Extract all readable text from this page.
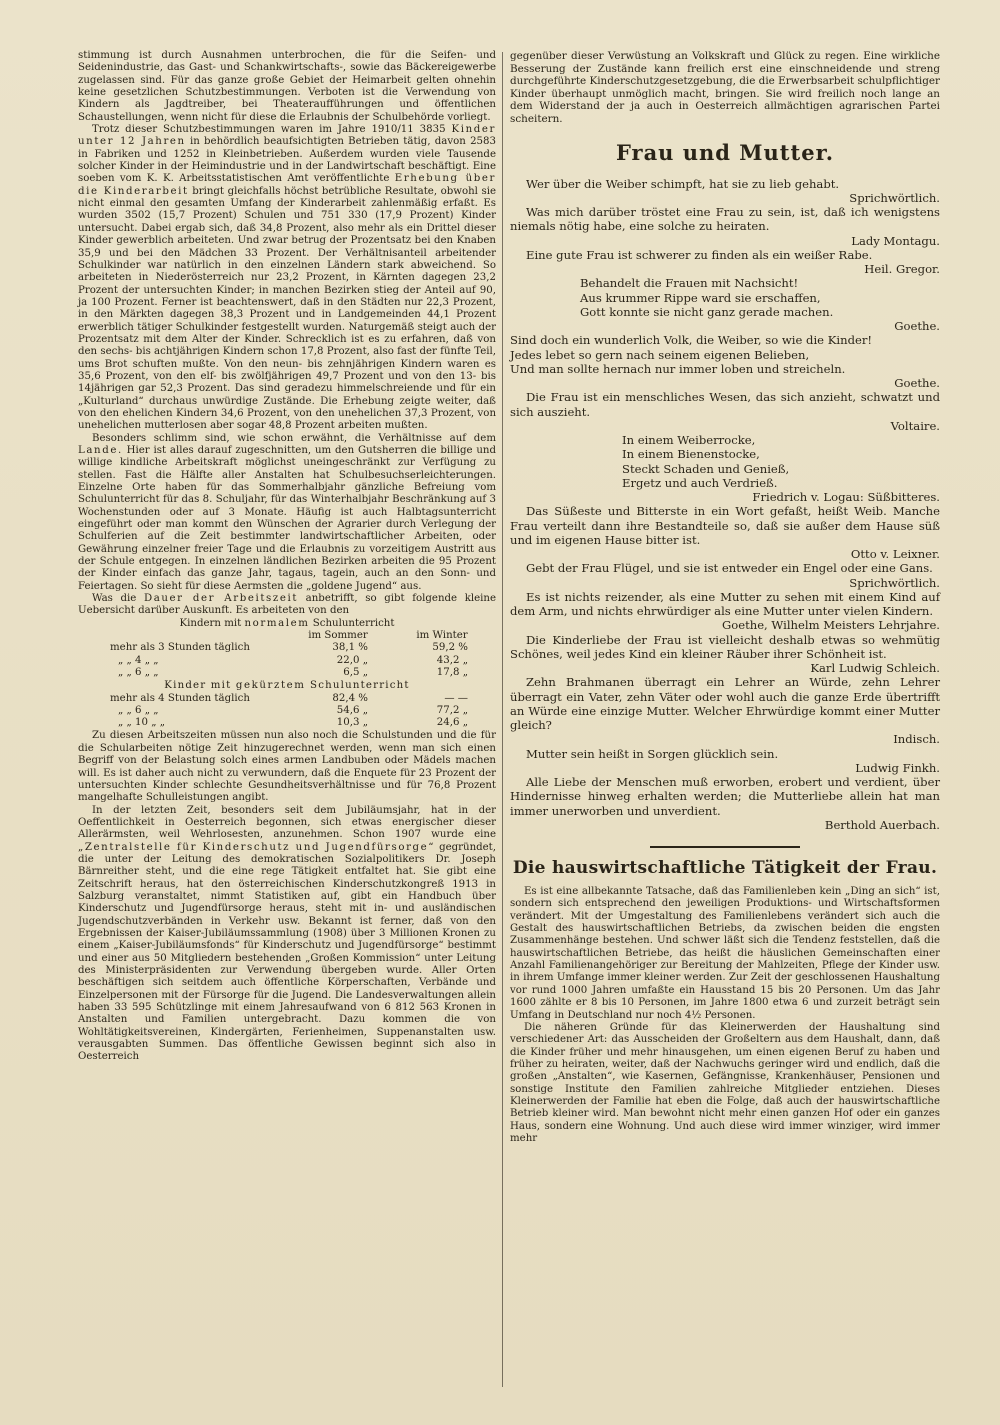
stimmung ist durch Ausnahmen unterbrochen, die für die Seifen- und Seidenindustrie, das Gast- und Schankwirtschafts-, sowie das Bäckereigewerbe zugelassen sind. Für das ganze große Gebiet der Heimarbeit gelten ohnehin keine gesetzlichen Schutzbestimmungen. Verboten ist die Verwendung von Kindern als Jagdtreiber, bei Theateraufführungen und öffentlichen Schaustellungen, wenn nicht für diese die Erlaubnis der Schulbehörde vorliegt.

Trotz dieser Schutzbestimmungen waren im Jahre 1910/11 3835 Kinder unter 12 Jahren in behördlich beaufsichtigten Betrieben tätig, davon 2583 in Fabriken und 1252 in Kleinbetrieben. Außerdem wurden viele Tausende solcher Kinder in der Heimindustrie und in der Landwirtschaft beschäftigt. Eine soeben vom K. K. Arbeitsstatistischen Amt veröffentlichte Erhebung über die Kinderarbeit bringt gleichfalls höchst betrübliche Resultate, obwohl sie nicht einmal den gesamten Umfang der Kinderarbeit zahlenmäßig erfaßt. Es wurden 3502 (15,7 Prozent) Schulen und 751 330 (17,9 Prozent) Kinder untersucht. Dabei ergab sich, daß 34,8 Prozent, also mehr als ein Drittel dieser Kinder gewerblich arbeiteten. Und zwar betrug der Prozentsatz bei den Knaben 35,9 und bei den Mädchen 33 Prozent. Der Verhältnisanteil arbeitender Schulkinder war natürlich in den einzelnen Ländern stark abweichend. So arbeiteten in Niederösterreich nur 23,2 Prozent, in Kärnten dagegen 23,2 Prozent der untersuchten Kinder; in manchen Bezirken stieg der Anteil auf 90, ja 100 Prozent. Ferner ist beachtenswert, daß in den Städten nur 22,3 Prozent, in den Märkten dagegen 38,3 Prozent und in Landgemeinden 44,1 Prozent erwerblich tätiger Schulkinder festgestellt wurden. Naturgemäß steigt auch der Prozentsatz mit dem Alter der Kinder. Schrecklich ist es zu erfahren, daß von den sechs- bis achtjährigen Kindern schon 17,8 Prozent, also fast der fünfte Teil, ums Brot schuften mußte. Von den neun- bis zehnjährigen Kindern waren es 35,6 Prozent, von den elf- bis zwölfjährigen 49,7 Prozent und von den 13- bis 14jährigen gar 52,3 Prozent. Das sind geradezu himmelschreiende und für ein „Kulturland“ durchaus unwürdige Zustände. Die Erhebung zeigte weiter, daß von den ehelichen Kindern 34,6 Prozent, von den unehelichen 37,3 Prozent, von unehelichen mutterlosen aber sogar 48,8 Prozent arbeiten mußten.

Besonders schlimm sind, wie schon erwähnt, die Verhältnisse auf dem Lande. Hier ist alles darauf zugeschnitten, um den Gutsherren die billige und willige kindliche Arbeitskraft möglichst uneingeschränkt zur Verfügung zu stellen. Fast die Hälfte aller Anstalten hat Schulbesuchserleichterungen. Einzelne Orte haben für das Sommerhalbjahr gänzliche Befreiung vom Schulunterricht für das 8. Schuljahr, für das Winterhalbjahr Beschränkung auf 3 Wochenstunden oder auf 3 Monate. Häufig ist auch Halbtagsunterricht eingeführt oder man kommt den Wünschen der Agrarier durch Verlegung der Schulferien auf die Zeit bestimmter landwirtschaftlicher Arbeiten, oder Gewährung einzelner freier Tage und die Erlaubnis zu vorzeitigem Austritt aus der Schule entgegen. In einzelnen ländlichen Bezirken arbeiten die 95 Prozent der Kinder einfach das ganze Jahr, tagaus, tagein, auch an den Sonn- und Feiertagen. So sieht für diese Aermsten die „goldene Jugend“ aus.

Was die Dauer der Arbeitszeit anbetrifft, so gibt folgende kleine Uebersicht darüber Auskunft. Es arbeiteten von den

Kindern mit normalem Schulunterricht
	im Sommer	im Winter
mehr als 3 Stunden täglich	38,1 %	59,2 %
„ „ 4 „ „	22,0 „	43,2 „
„ „ 6 „ „	6,5 „	17,8 „
Kinder mit gekürztem Schulunterricht
mehr als 4 Stunden täglich	82,4 %	— —
„ „ 6 „ „	54,6 „	77,2 „
„ „ 10 „ „	10,3 „	24,6 „

Zu diesen Arbeitszeiten müssen nun also noch die Schulstunden und die für die Schularbeiten nötige Zeit hinzugerechnet werden, wenn man sich einen Begriff von der Belastung solch eines armen Landbuben oder Mädels machen will. Es ist daher auch nicht zu verwundern, daß die Enquete für 23 Prozent der untersuchten Kinder schlechte Gesundheitsverhältnisse und für 76,8 Prozent mangelhafte Schulleistungen angibt.

In der letzten Zeit, besonders seit dem Jubiläumsjahr, hat in der Oeffentlichkeit in Oesterreich begonnen, sich etwas energischer dieser Allerärmsten, weil Wehrlosesten, anzunehmen. Schon 1907 wurde eine „Zentralstelle für Kinderschutz und Jugendfürsorge“ gegründet, die unter der Leitung des demokratischen Sozialpolitikers Dr. Joseph Bärnreither steht, und die eine rege Tätigkeit entfaltet hat. Sie gibt eine Zeitschrift heraus, hat den österreichischen Kinderschutzkongreß 1913 in Salzburg veranstaltet, nimmt Statistiken auf, gibt ein Handbuch über Kinderschutz und Jugendfürsorge heraus, steht mit in- und ausländischen Jugendschutzverbänden in Verkehr usw. Bekannt ist ferner, daß von den Ergebnissen der Kaiser-Jubiläumssammlung (1908) über 3 Millionen Kronen zu einem „Kaiser-Jubiläumsfonds“ für Kinderschutz und Jugendfürsorge“ bestimmt und einer aus 50 Mitgliedern bestehenden „Großen Kommission“ unter Leitung des Ministerpräsidenten zur Verwendung übergeben wurde. Aller Orten beschäftigen sich seitdem auch öffentliche Körperschaften, Verbände und Einzelpersonen mit der Fürsorge für die Jugend. Die Landesverwaltungen allein haben 33 595 Schützlinge mit einem Jahresaufwand von 6 812 563 Kronen in Anstalten und Familien untergebracht. Dazu kommen die von Wohltätigkeitsvereinen, Kindergärten, Ferienheimen, Suppenanstalten usw. verausgabten Summen. Das öffentliche Gewissen beginnt sich also in Oesterreich

gegenüber dieser Verwüstung an Volkskraft und Glück zu regen. Eine wirkliche Besserung der Zustände kann freilich erst eine einschneidende und streng durchgeführte Kinderschutzgesetzgebung, die die Erwerbsarbeit schulpflichtiger Kinder überhaupt unmöglich macht, bringen. Sie wird freilich noch lange an dem Widerstand der ja auch in Oesterreich allmächtigen agrarischen Partei scheitern.

Frau und Mutter.

Wer über die Weiber schimpft, hat sie zu lieb gehabt.

Sprichwörtlich.

Was mich darüber tröstet eine Frau zu sein, ist, daß ich wenigstens niemals nötig habe, eine solche zu heiraten.

Lady Montagu.

Eine gute Frau ist schwerer zu finden als ein weißer Rabe.

Heil. Gregor.
Behandelt die Frauen mit Nachsicht!
Aus krummer Rippe ward sie erschaffen,
Gott konnte sie nicht ganz gerade machen.
Goethe.
Sind doch ein wunderlich Volk, die Weiber, so wie die Kinder!
Jedes lebet so gern nach seinem eigenen Belieben,
Und man sollte hernach nur immer loben und streicheln.
Goethe.

Die Frau ist ein menschliches Wesen, das sich anzieht, schwatzt und sich auszieht.

Voltaire.
In einem Weiberrocke,
In einem Bienenstocke,
Steckt Schaden und Genieß,
Ergetz und auch Verdrieß.
Friedrich v. Logau: Süßbitteres.

Das Süßeste und Bitterste in ein Wort gefaßt, heißt Weib. Manche Frau verteilt dann ihre Bestandteile so, daß sie außer dem Hause süß und im eigenen Hause bitter ist.

Otto v. Leixner.

Gebt der Frau Flügel, und sie ist entweder ein Engel oder eine Gans.

Sprichwörtlich.

Es ist nichts reizender, als eine Mutter zu sehen mit einem Kind auf dem Arm, und nichts ehrwürdiger als eine Mutter unter vielen Kindern.

Goethe, Wilhelm Meisters Lehrjahre.

Die Kinderliebe der Frau ist vielleicht deshalb etwas so wehmütig Schönes, weil jedes Kind ein kleiner Räuber ihrer Schönheit ist.

Karl Ludwig Schleich.

Zehn Brahmanen überragt ein Lehrer an Würde, zehn Lehrer überragt ein Vater, zehn Väter oder wohl auch die ganze Erde übertrifft an Würde eine einzige Mutter. Welcher Ehrwürdige kommt einer Mutter gleich?

Indisch.

Mutter sein heißt in Sorgen glücklich sein.

Ludwig Finkh.

Alle Liebe der Menschen muß erworben, erobert und verdient, über Hindernisse hinweg erhalten werden; die Mutterliebe allein hat man immer unerworben und unverdient.

Berthold Auerbach.
Die hauswirtschaftliche Tätigkeit der Frau.

Es ist eine allbekannte Tatsache, daß das Familienleben kein „Ding an sich“ ist, sondern sich entsprechend den jeweiligen Produktions- und Wirtschaftsformen verändert. Mit der Umgestaltung des Familienlebens verändert sich auch die Gestalt des hauswirtschaftlichen Betriebs, da zwischen beiden die engsten Zusammenhänge bestehen. Und schwer läßt sich die Tendenz feststellen, daß die hauswirtschaftlichen Betriebe, das heißt die häuslichen Gemeinschaften einer Anzahl Familienangehöriger zur Bereitung der Mahlzeiten, Pflege der Kinder usw. in ihrem Umfange immer kleiner werden. Zur Zeit der geschlossenen Haushaltung vor rund 1000 Jahren umfaßte ein Hausstand 15 bis 20 Personen. Um das Jahr 1600 zählte er 8 bis 10 Personen, im Jahre 1800 etwa 6 und zurzeit beträgt sein Umfang in Deutschland nur noch 4½ Personen.

Die näheren Gründe für das Kleinerwerden der Haushaltung sind verschiedener Art: das Ausscheiden der Großeltern aus dem Haushalt, dann, daß die Kinder früher und mehr hinausgehen, um einen eigenen Beruf zu haben und früher zu heiraten, weiter, daß der Nachwuchs geringer wird und endlich, daß die großen „Anstalten“, wie Kasernen, Gefängnisse, Krankenhäuser, Pensionen und sonstige Institute den Familien zahlreiche Mitglieder entziehen. Dieses Kleinerwerden der Familie hat eben die Folge, daß auch der hauswirtschaftliche Betrieb kleiner wird. Man bewohnt nicht mehr einen ganzen Hof oder ein ganzes Haus, sondern eine Wohnung. Und auch diese wird immer winziger, wird immer mehr
